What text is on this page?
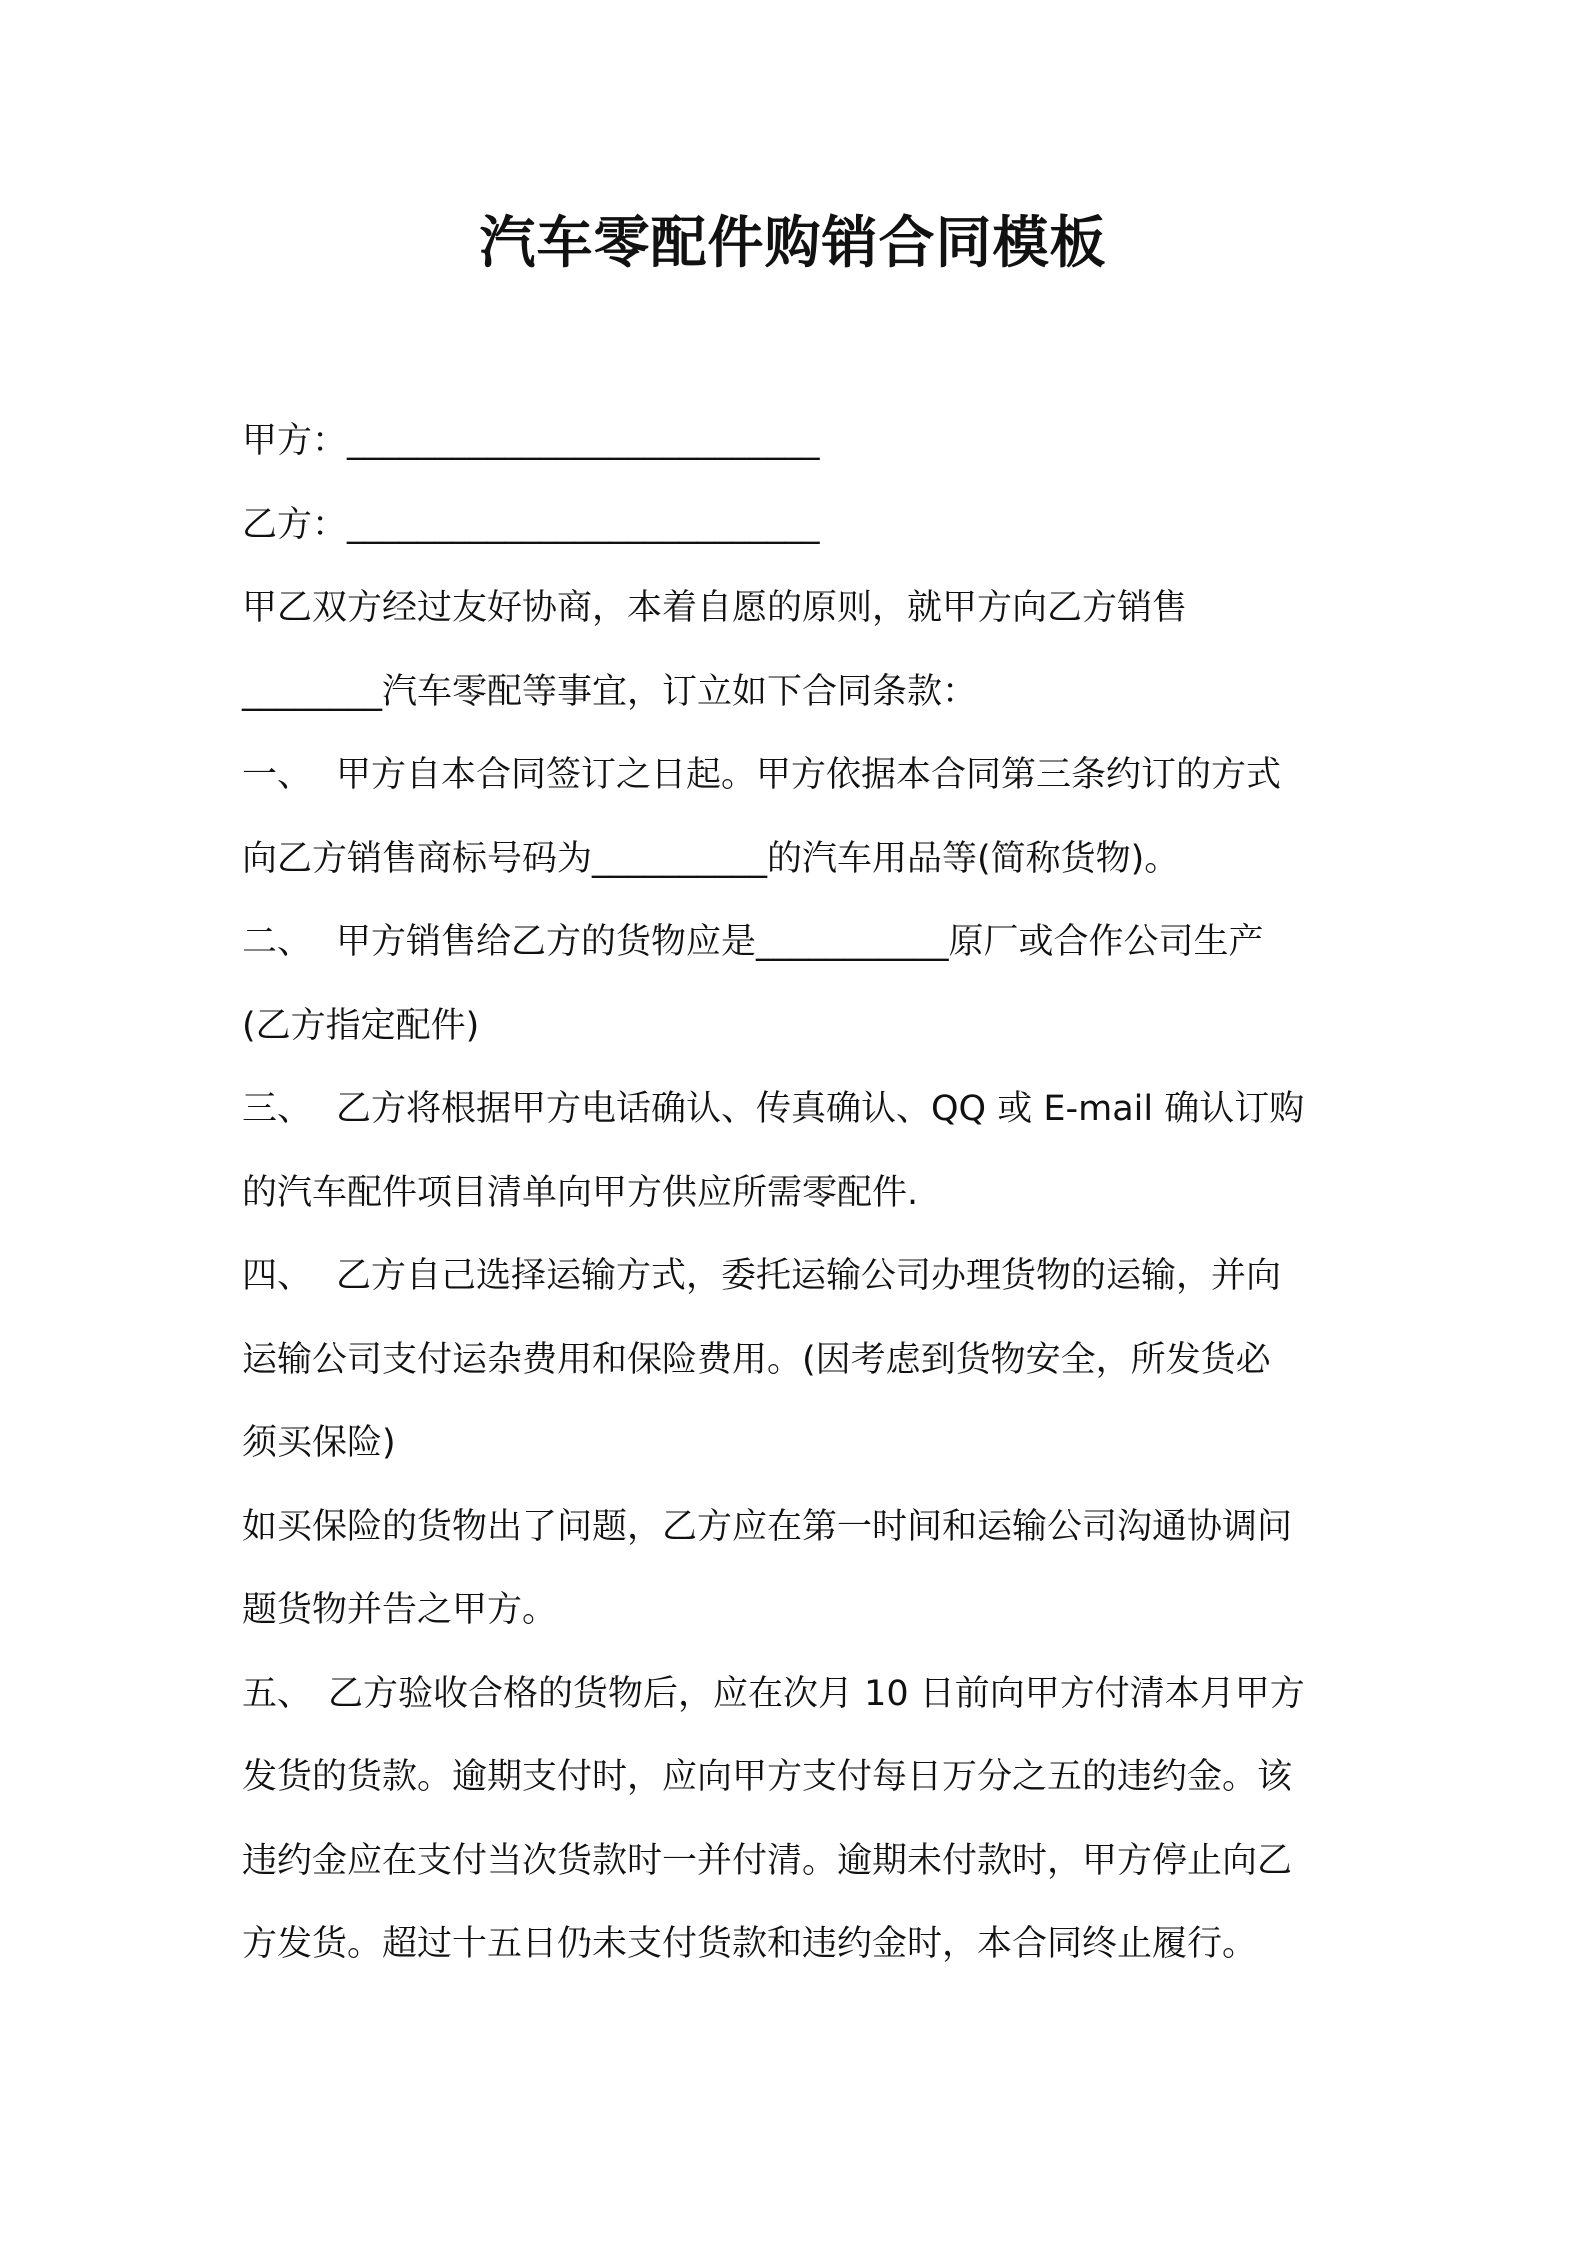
汽车零配件购销合同模板
甲方：___________________________
乙方：___________________________
甲乙双方经过友好协商，本着自愿的原则，就甲方向乙方销售
________汽车零配等事宜，订立如下合同条款：
一、 甲方自本合同签订之日起。甲方依据本合同第三条约订的方式
向乙方销售商标号码为__________的汽车用品等(简称货物)。
二、 甲方销售给乙方的货物应是___________原厂或合作公司生产
(乙方指定配件)
三、 乙方将根据甲方电话确认、传真确认、QQ 或 E-mail 确认订购
的汽车配件项目清单向甲方供应所需零配件.
四、 乙方自己选择运输方式，委托运输公司办理货物的运输，并向
运输公司支付运杂费用和保险费用。(因考虑到货物安全，所发货必
须买保险)
如买保险的货物出了问题，乙方应在第一时间和运输公司沟通协调问
题货物并告之甲方。
五、 乙方验收合格的货物后，应在次月 10 日前向甲方付清本月甲方
发货的货款。逾期支付时，应向甲方支付每日万分之五的违约金。该
违约金应在支付当次货款时一并付清。逾期未付款时，甲方停止向乙
方发货。超过十五日仍未支付货款和违约金时，本合同终止履行。
